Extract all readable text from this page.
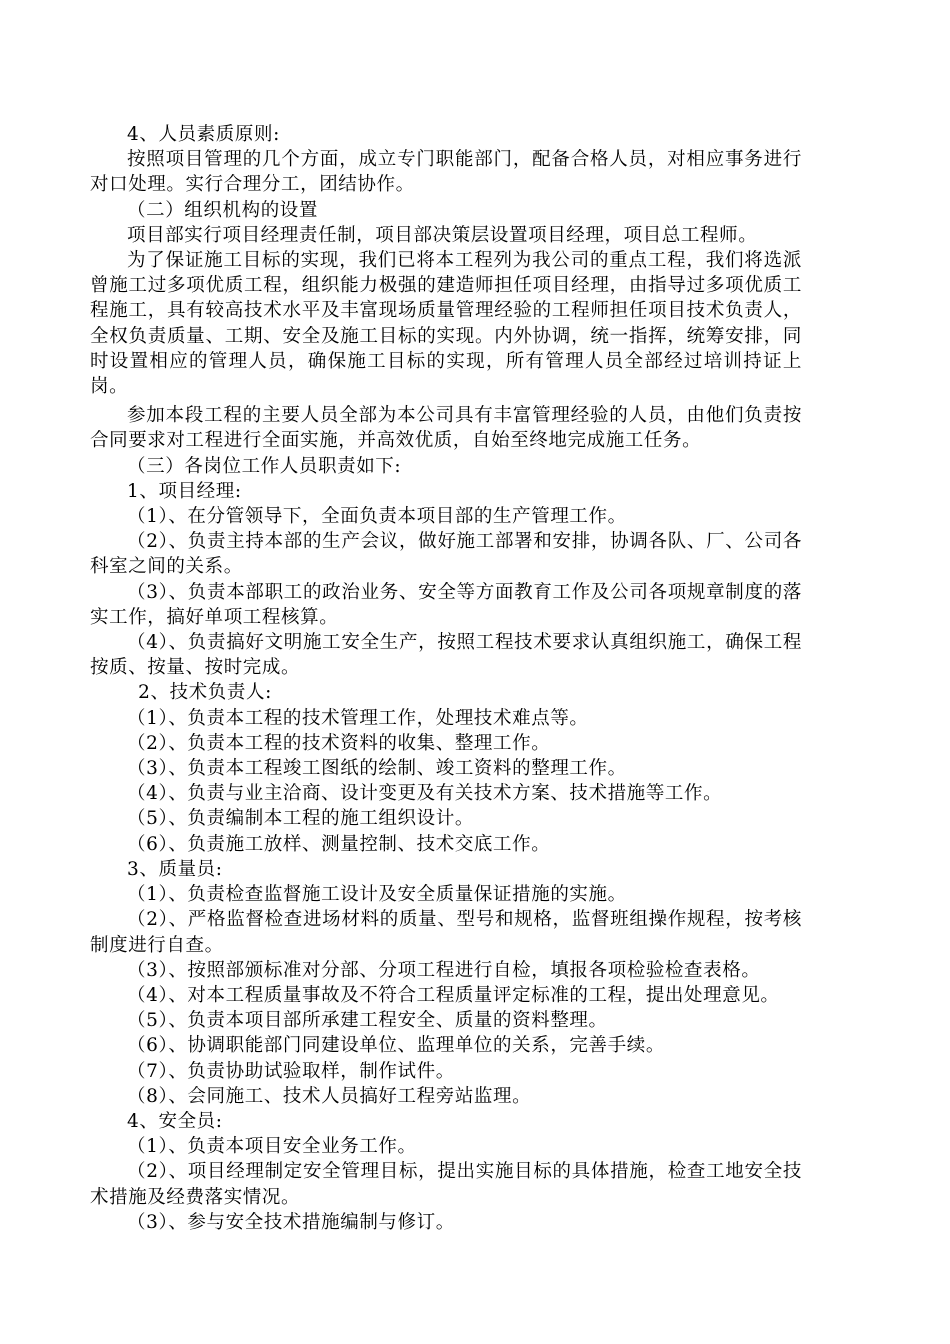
4、人员素质原则:

按照项目管理的几个方面，成立专门职能部门，配备合格人员，对相应事务进行对口处理。实行合理分工，团结协作。

（二）组织机构的设置

项目部实行项目经理责任制，项目部决策层设置项目经理，项目总工程师。

为了保证施工目标的实现，我们已将本工程列为我公司的重点工程，我们将选派曾施工过多项优质工程，组织能力极强的建造师担任项目经理，由指导过多项优质工程施工，具有较高技术水平及丰富现场质量管理经验的工程师担任项目技术负责人，全权负责质量、工期、安全及施工目标的实现。内外协调，统一指挥，统筹安排，同时设置相应的管理人员，确保施工目标的实现，所有管理人员全部经过培训持证上岗。

参加本段工程的主要人员全部为本公司具有丰富管理经验的人员，由他们负责按合同要求对工程进行全面实施，并高效优质，自始至终地完成施工任务。

（三）各岗位工作人员职责如下:

1、项目经理:

（1）、在分管领导下，全面负责本项目部的生产管理工作。

（2）、负责主持本部的生产会议，做好施工部署和安排，协调各队、厂、公司各科室之间的关系。

（3）、负责本部职工的政治业务、安全等方面教育工作及公司各项规章制度的落实工作，搞好单项工程核算。

（4）、负责搞好文明施工安全生产，按照工程技术要求认真组织施工，确保工程按质、按量、按时完成。

2、技术负责人:

（1）、负责本工程的技术管理工作，处理技术难点等。

（2）、负责本工程的技术资料的收集、整理工作。

（3）、负责本工程竣工图纸的绘制、竣工资料的整理工作。

（4）、负责与业主洽商、设计变更及有关技术方案、技术措施等工作。

（5）、负责编制本工程的施工组织设计。

（6）、负责施工放样、测量控制、技术交底工作。

3、质量员:

（1）、负责检查监督施工设计及安全质量保证措施的实施。

（2）、严格监督检查进场材料的质量、型号和规格，监督班组操作规程，按考核制度进行自查。

（3）、按照部颁标准对分部、分项工程进行自检，填报各项检验检查表格。

（4）、对本工程质量事故及不符合工程质量评定标准的工程，提出处理意见。

（5）、负责本项目部所承建工程安全、质量的资料整理。

（6）、协调职能部门同建设单位、监理单位的关系，完善手续。

（7）、负责协助试验取样，制作试件。

（8）、会同施工、技术人员搞好工程旁站监理。

4、安全员:

（1）、负责本项目安全业务工作。

（2）、项目经理制定安全管理目标，提出实施目标的具体措施，检查工地安全技术措施及经费落实情况。

（3）、参与安全技术措施编制与修订。
